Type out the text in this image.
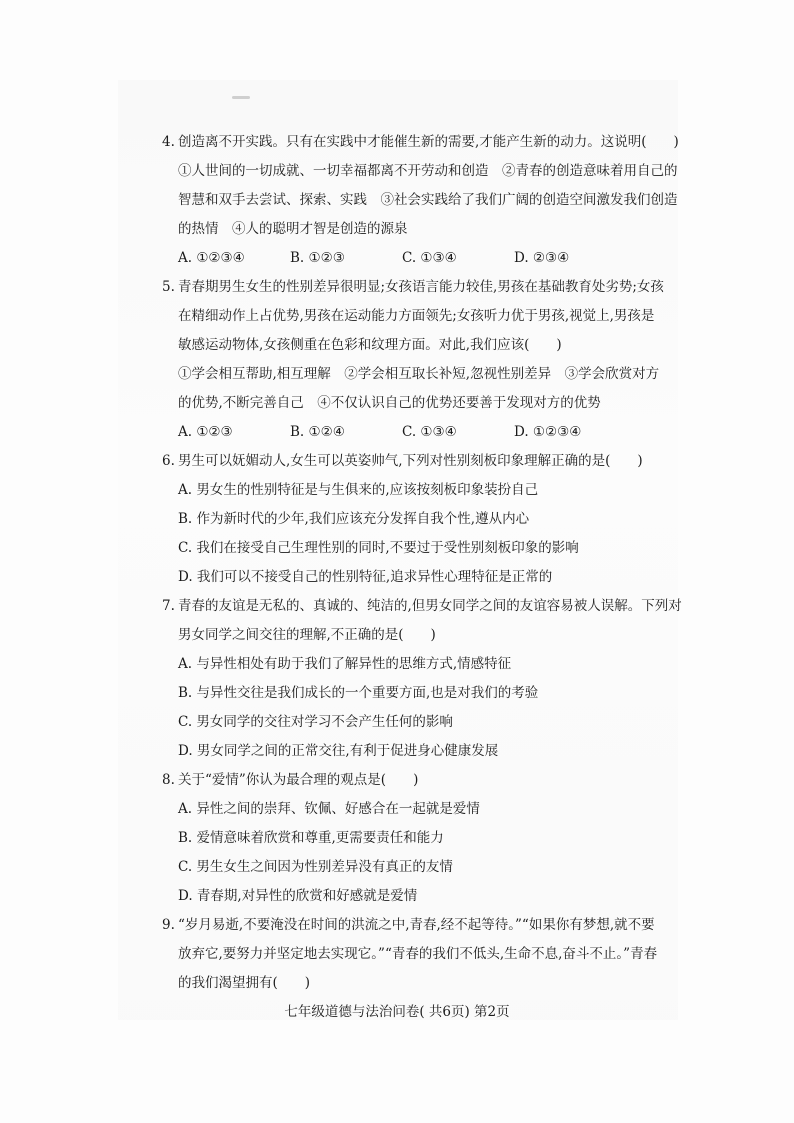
4. 创造离不开实践。只有在实践中才能催生新的需要,才能产生新的动力。这说明(　　)
①人世间的一切成就、一切幸福都离不开劳动和创造　②青春的创造意味着用自己的
智慧和双手去尝试、探索、实践　③社会实践给了我们广阔的创造空间激发我们创造
的热情　④人的聪明才智是创造的源泉
A. ①②③④	B. ①②③	C. ①③④	D. ②③④
5. 青春期男生女生的性别差异很明显;女孩语言能力较佳,男孩在基础教育处劣势;女孩
在精细动作上占优势,男孩在运动能力方面领先;女孩听力优于男孩,视觉上,男孩是
敏感运动物体,女孩侧重在色彩和纹理方面。对此,我们应该(　　)
①学会相互帮助,相互理解　②学会相互取长补短,忽视性别差异　③学会欣赏对方
的优势,不断完善自己　④不仅认识自己的优势还要善于发现对方的优势
A. ①②③	B. ①②④	C. ①③④	D. ①②③④
6. 男生可以妩媚动人,女生可以英姿帅气,下列对性别刻板印象理解正确的是(　　)
A. 男女生的性别特征是与生俱来的,应该按刻板印象装扮自己
B. 作为新时代的少年,我们应该充分发挥自我个性,遵从内心
C. 我们在接受自己生理性别的同时,不要过于受性别刻板印象的影响
D. 我们可以不接受自己的性别特征,追求异性心理特征是正常的
7. 青春的友谊是无私的、真诚的、纯洁的,但男女同学之间的友谊容易被人误解。下列对
男女同学之间交往的理解,不正确的是(　　)
A. 与异性相处有助于我们了解异性的思维方式,情感特征
B. 与异性交往是我们成长的一个重要方面,也是对我们的考验
C. 男女同学的交往对学习不会产生任何的影响
D. 男女同学之间的正常交往,有利于促进身心健康发展
8. 关于“爱情”你认为最合理的观点是(　　)
A. 异性之间的崇拜、钦佩、好感合在一起就是爱情
B. 爱情意味着欣赏和尊重,更需要责任和能力
C. 男生女生之间因为性别差异没有真正的友情
D. 青春期,对异性的欣赏和好感就是爱情
9. “岁月易逝,不要淹没在时间的洪流之中,青春,经不起等待。”“如果你有梦想,就不要
放弃它,要努力并坚定地去实现它。”“青春的我们不低头,生命不息,奋斗不止。”青春
的我们渴望拥有(　　)
七年级道德与法治问卷( 共6页) 第2页
